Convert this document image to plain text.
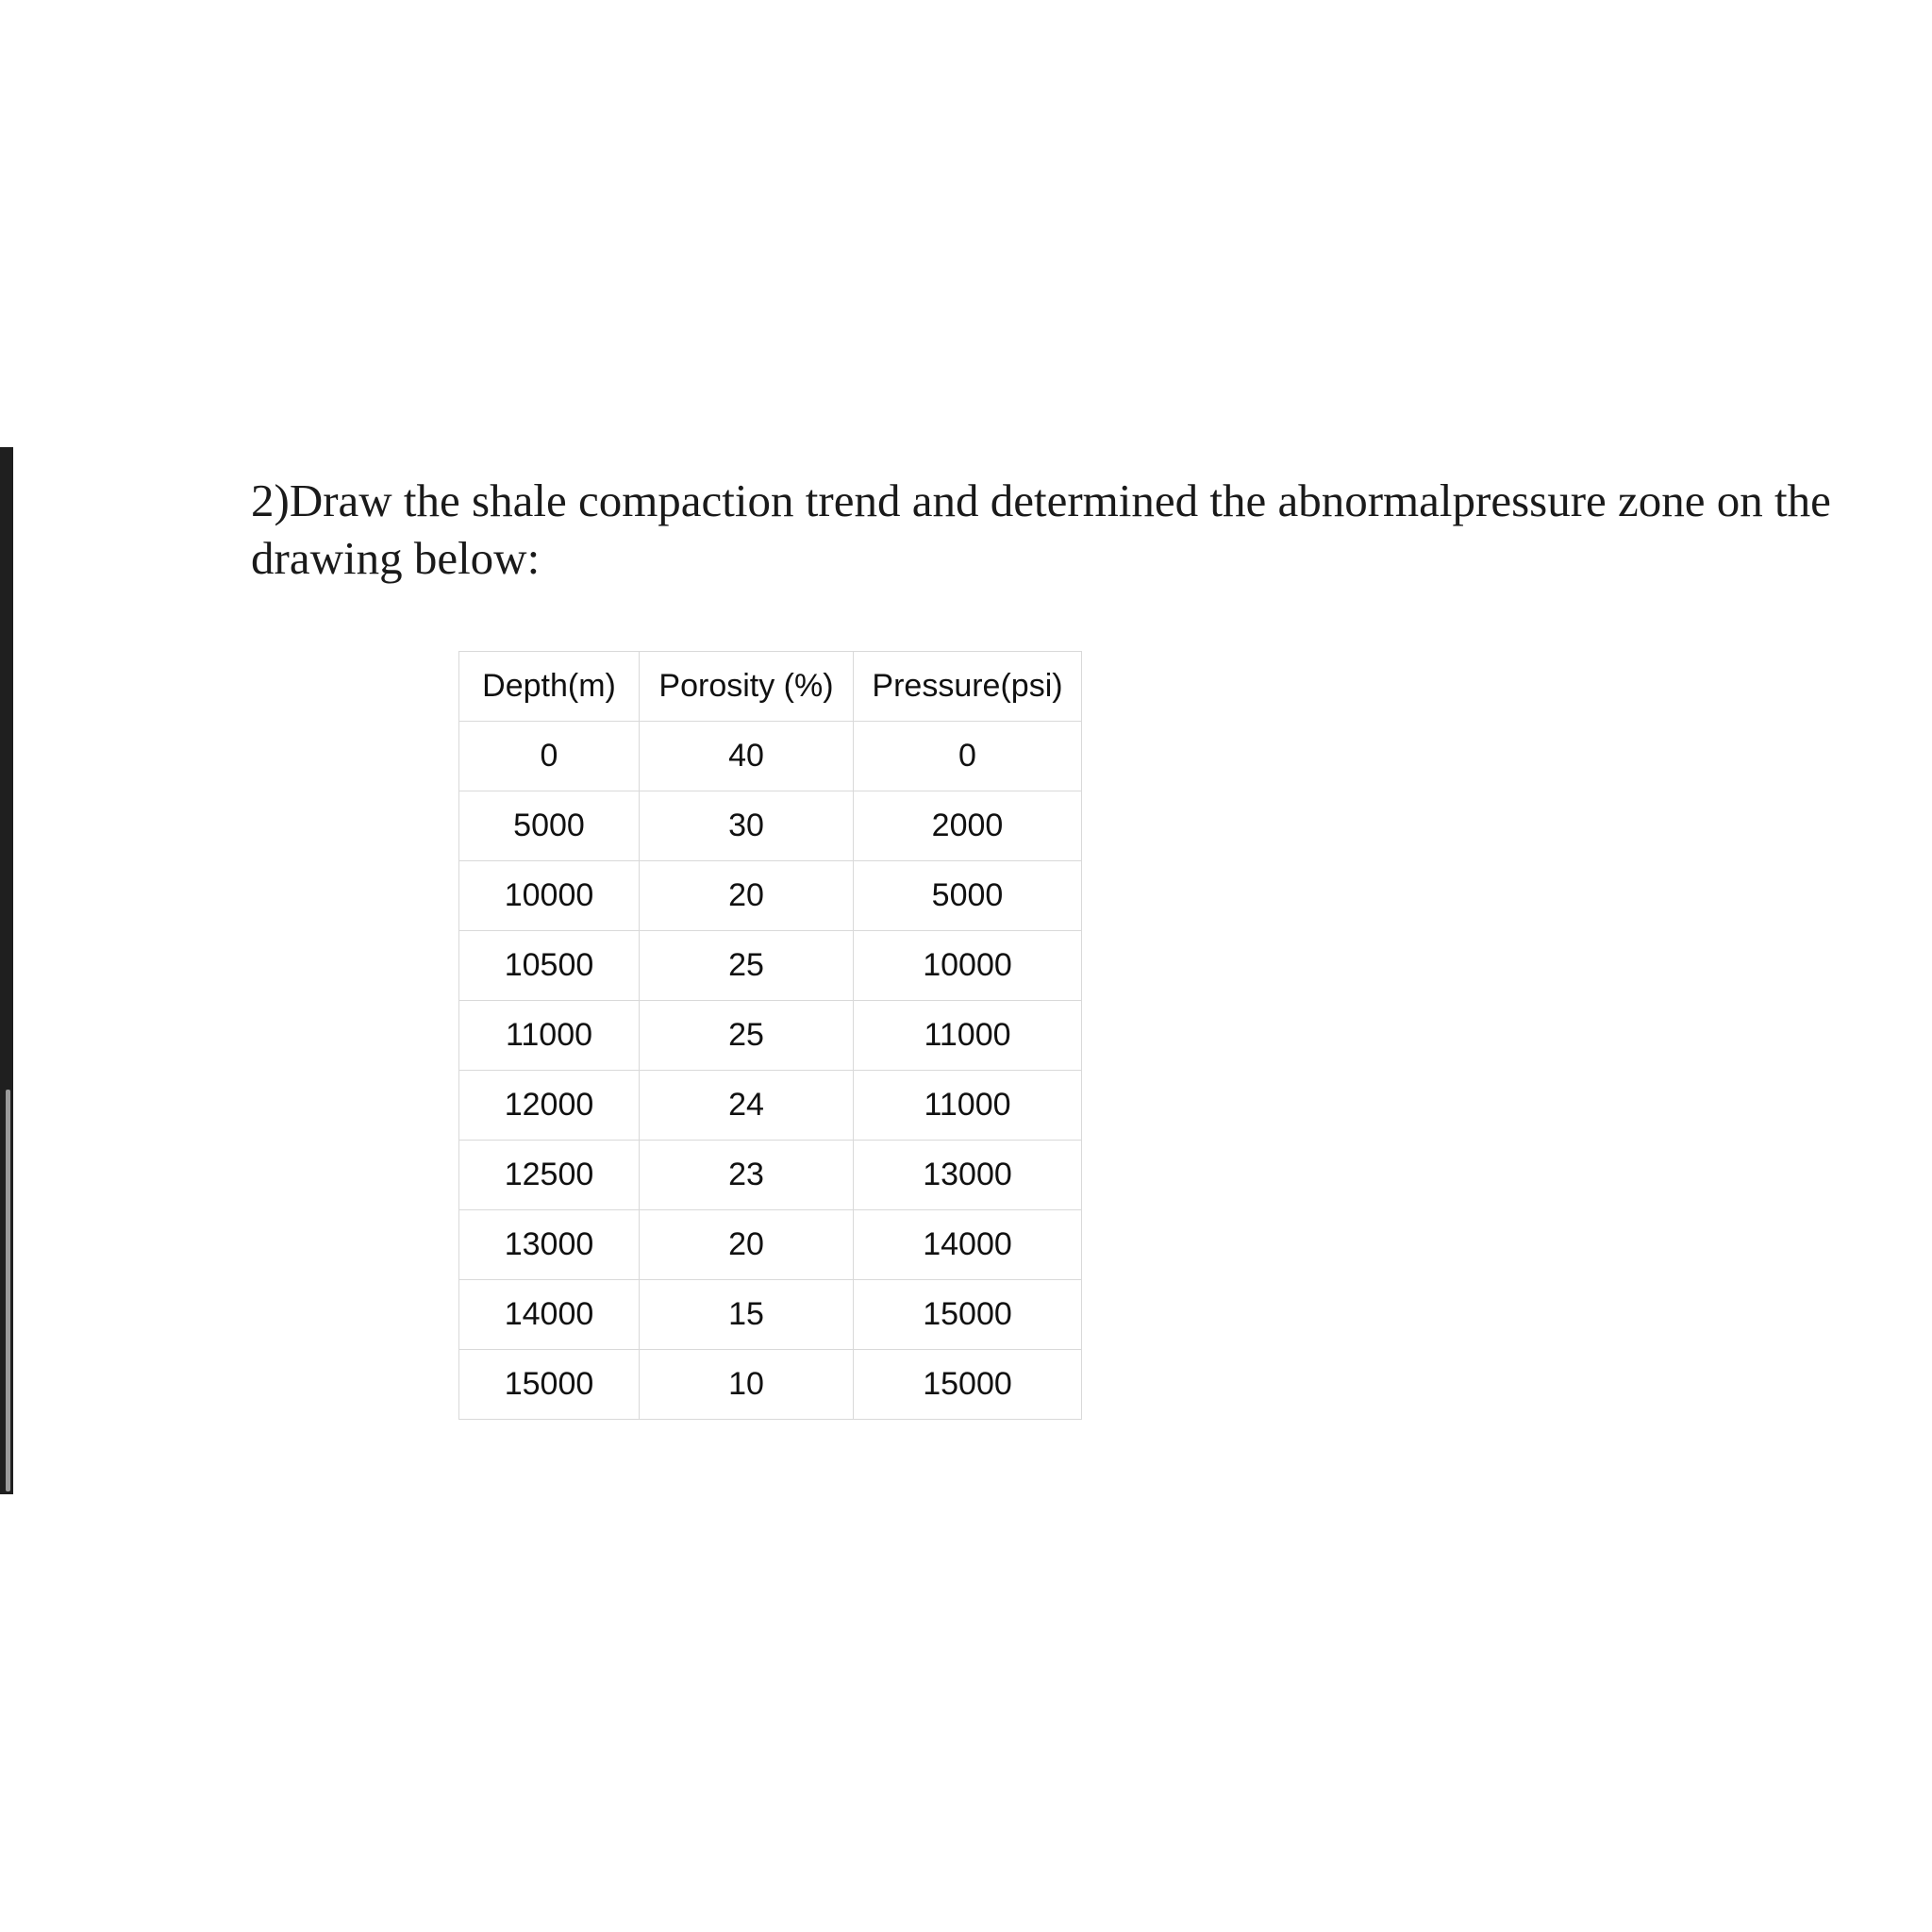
2)Draw the shale compaction trend and determined the abnormalpressure zone on the
drawing below:

Depth(m)	Porosity (%)	Pressure(psi)
0	40	0
5000	30	2000
10000	20	5000
10500	25	10000
11000	25	11000
12000	24	11000
12500	23	13000
13000	20	14000
14000	15	15000
15000	10	15000
